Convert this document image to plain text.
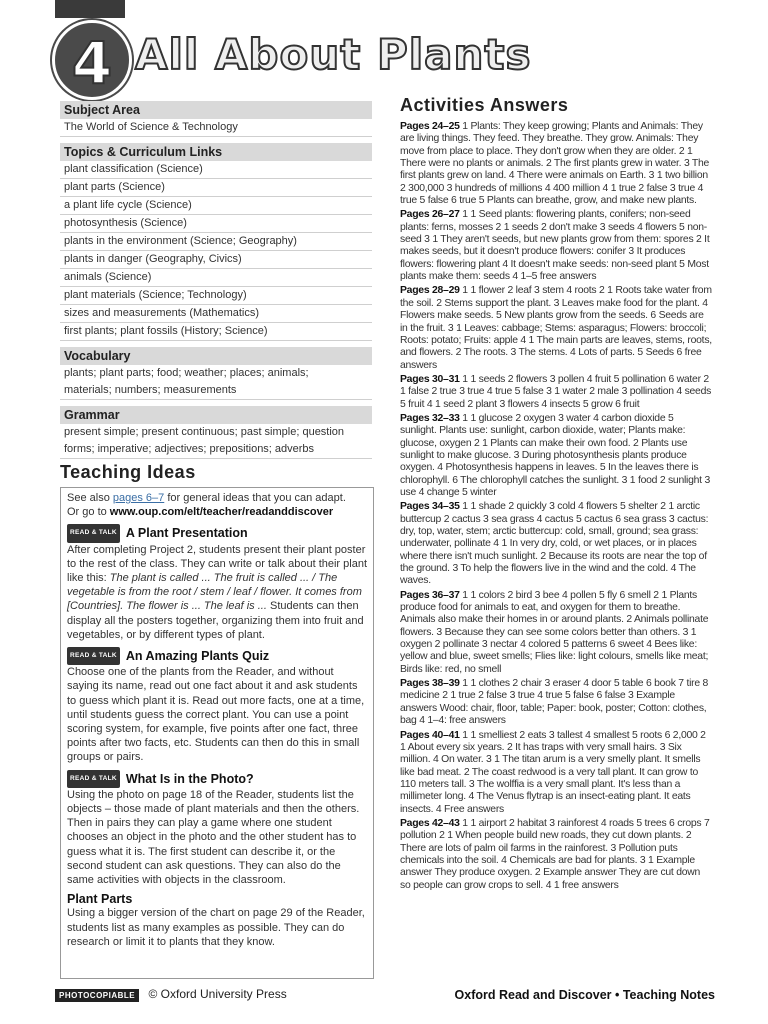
4 All About Plants
Subject Area
The World of Science & Technology
Topics & Curriculum Links
plant classification (Science)
plant parts (Science)
a plant life cycle (Science)
photosynthesis (Science)
plants in the environment (Science; Geography)
plants in danger (Geography, Civics)
animals (Science)
plant materials (Science; Technology)
sizes and measurements (Mathematics)
first plants; plant fossils (History; Science)
Vocabulary
plants; plant parts; food; weather; places; animals;
materials; numbers; measurements
Grammar
present simple; present continuous; past simple; question
forms; imperative; adjectives; prepositions; adverbs
Teaching Ideas

See also pages 6–7 for general ideas that you can adapt.
Or go to www.oup.com/elt/teacher/readanddiscover

READ & TALK A Plant Presentation

After completing Project 2, students present their plant poster to the rest of the class. They can write or talk about their plant like this: The plant is called ... The fruit is called ... / The vegetable is from the root / stem / leaf / flower. It comes from [Countries]. The flower is ... The leaf is ... Students can then display all the posters together, organizing them into fruit and vegetables, or by different types of plant.

READ & TALK An Amazing Plants Quiz

Choose one of the plants from the Reader, and without saying its name, read out one fact about it and ask students to guess which plant it is. Read out more facts, one at a time, until students guess the correct plant. You can use a point scoring system, for example, five points after one fact, three points after two facts, etc. Students can then do this in small groups or pairs.

READ & TALK What Is in the Photo?

Using the photo on page 18 of the Reader, students list the objects – those made of plant materials and then the others. Then in pairs they can play a game where one student chooses an object in the photo and the other student has to guess what it is. The first student can describe it, or the second student can ask questions. They can also do the same activities with objects in the classroom.

Plant Parts

Using a bigger version of the chart on page 29 of the Reader, students list as many examples as possible. They can do research or limit it to plants that they know.

Activities Answers

Pages 24–25 1 Plants: They keep growing; Plants and Animals: They are living things. They feed. They breathe. They grow. Animals: They move from place to place. They don't grow when they are older. 2 1 There were no plants or animals. 2 The first plants grew in water. 3 The first plants grew on land. 4 There were animals on Earth. 3 1 two billion 2 300,000 3 hundreds of millions 4 400 million 4 1 true 2 false 3 true 4 true 5 false 6 true 5 Plants can breathe, grow, and make new plants.

Pages 26–27 1 1 Seed plants: flowering plants, conifers; non-seed plants: ferns, mosses 2 1 seeds 2 don't make 3 seeds 4 flowers 5 non-seed 3 1 They aren't seeds, but new plants grow from them: spores 2 It makes seeds, but it doesn't produce flowers: conifer 3 It produces flowers: flowering plant 4 It doesn't make seeds: non-seed plant 5 Most plants make them: seeds 4 1–5 free answers

Pages 28–29 1 1 flower 2 leaf 3 stem 4 roots 2 1 Roots take water from the soil. 2 Stems support the plant. 3 Leaves make food for the plant. 4 Flowers make seeds. 5 New plants grow from the seeds. 6 Seeds are in the fruit. 3 1 Leaves: cabbage; Stems: asparagus; Flowers: broccoli; Roots: potato; Fruits: apple 4 1 The main parts are leaves, stems, roots, and flowers. 2 The roots. 3 The stems. 4 Lots of parts. 5 Seeds 6 free answers

Pages 30–31 1 1 seeds 2 flowers 3 pollen 4 fruit 5 pollination 6 water 2 1 false 2 true 3 true 4 true 5 false 3 1 water 2 male 3 pollination 4 seeds 5 fruit 4 1 seed 2 plant 3 flowers 4 insects 5 grow 6 fruit

Pages 32–33 1 1 glucose 2 oxygen 3 water 4 carbon dioxide 5 sunlight. Plants use: sunlight, carbon dioxide, water; Plants make: glucose, oxygen 2 1 Plants can make their own food. 2 Plants use sunlight to make glucose. 3 During photosynthesis plants produce oxygen. 4 Photosynthesis happens in leaves. 5 In the leaves there is chlorophyll. 6 The chlorophyll catches the sunlight. 3 1 food 2 sunlight 3 use 4 change 5 winter

Pages 34–35 1 1 shade 2 quickly 3 cold 4 flowers 5 shelter 2 1 arctic buttercup 2 cactus 3 sea grass 4 cactus 5 cactus 6 sea grass 3 cactus: dry, top, water, stem; arctic buttercup: cold, small, ground; sea grass: underwater, pollinate 4 1 In very dry, cold, or wet places, or in places where there isn't much sunlight. 2 Because its roots are near the top of the ground. 3 To help the flowers live in the wind and the cold. 4 The waves.

Pages 36–37 1 1 colors 2 bird 3 bee 4 pollen 5 fly 6 smell 2 1 Plants produce food for animals to eat, and oxygen for them to breathe. Animals also make their homes in or around plants. 2 Animals pollinate flowers. 3 Because they can see some colors better than others. 3 1 oxygen 2 pollinate 3 nectar 4 colored 5 patterns 6 sweet 4 Bees like: yellow and blue, sweet smells; Flies like: light colours, smells like meat; Birds like: red, no smell

Pages 38–39 1 1 clothes 2 chair 3 eraser 4 door 5 table 6 book 7 tire 8 medicine 2 1 true 2 false 3 true 4 true 5 false 6 false 3 Example answers Wood: chair, floor, table; Paper: book, poster; Cotton: clothes, bag 4 1–4: free answers

Pages 40–41 1 1 smelliest 2 eats 3 tallest 4 smallest 5 roots 6 2,000 2 1 About every six years. 2 It has traps with very small hairs. 3 Six million. 4 On water. 3 1 The titan arum is a very smelly plant. It smells like bad meat. 2 The coast redwood is a very tall plant. It can grow to 110 meters tall. 3 The wolffia is a very small plant. It's less than a millimeter long. 4 The Venus flytrap is an insect-eating plant. It eats insects. 4 Free answers

Pages 42–43 1 1 airport 2 habitat 3 rainforest 4 roads 5 trees 6 crops 7 pollution 2 1 When people build new roads, they cut down plants. 2 There are lots of palm oil farms in the rainforest. 3 Pollution puts chemicals into the soil. 4 Chemicals are bad for plants. 3 1 Example answer They produce oxygen. 2 Example answer They are cut down so people can grow crops to sell. 4 1 free answers

PHOTOCOPIABLE © Oxford University Press	Oxford Read and Discover • Teaching Notes
